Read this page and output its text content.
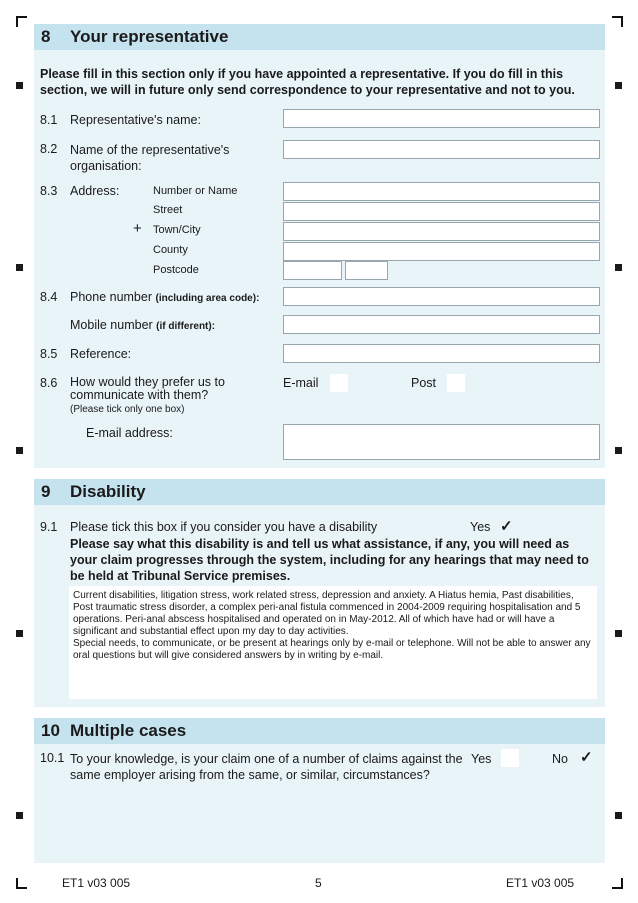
8 Your representative
Please fill in this section only if you have appointed a representative. If you do fill in this section, we will in future only send correspondence to your representative and not to you.
8.1 Representative's name:
8.2 Name of the representative's organisation:
8.3 Address:
+
Number or Name
Street
Town/City
County
Postcode
8.4 Phone number (including area code):
Mobile number (if different):
8.5 Reference:
8.6 How would they prefer us to communicate with them?
(Please tick only one box)
E-mail	Post
E-mail address:
9 Disability
9.1 Please tick this box if you consider you have a disability	Yes ✓
Please say what this disability is and tell us what assistance, if any, you will need as your claim progresses through the system, including for any hearings that may need to be held at Tribunal Service premises.
Current disabilities, litigation stress, work related stress, depression and anxiety. A Hiatus hemia, Past disabilities, Post traumatic stress disorder, a complex peri-anal fistula commenced in 2004-2009 requiring hospitalisation and 5 operations. Peri-anal abscess hospitalised and operated on in May-2012. All of which have had or will have a significant and substantial effect upon my day to day activities.
Special needs, to communicate, or be present at hearings only by e-mail or telephone. Will not be able to answer any oral questions but will give considered answers by in writing by e-mail.
10 Multiple cases
10.1 To your knowledge, is your claim one of a number of claims against the same employer arising from the same, or similar, circumstances?
Yes	No ✓
ET1 v03 005	5	ET1 v03 005
